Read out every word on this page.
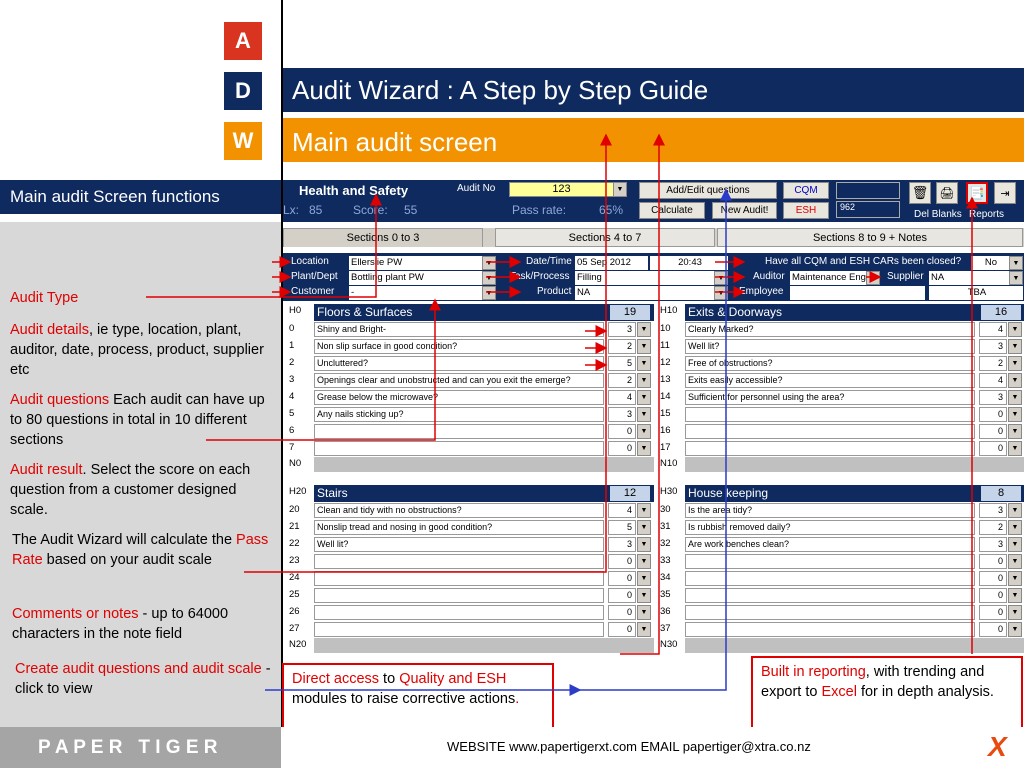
A
D
W
Audit Wizard : A Step by Step Guide
Main audit screen
Main audit Screen functions
Audit Type
Audit details, ie type, location, plant, auditor, date, process, product, supplier etc
Audit questions Each audit can have up to 80 questions in total in 10 different sections
Audit result. Select the score on each question from a customer designed scale.
The Audit Wizard will calculate the Pass Rate based on your audit scale
Comments or notes - up to 64000 characters in the note field
Create audit questions and audit scale - click to view
Health and Safety	Audit No	123	▼
Lx: 85	Score: 55	Pass rate:	65%
Add/Edit questions
Calculate	New Audit!
CQM
ESH	962
🗑 🖨 📑	⇥
Del Blanks Reports
Sections 0 to 3	Sections 4 to 7	Sections 8 to 9 + Notes
Location Ellerslie PW	▼
Plant/Dept Bottling plant PW	▼
Customer -	▼
Date/Time 05 Sep 2012	20:43
Task/Process Filling	▼
Product NA	▼
Have all CQM and ESH CARs been closed?	No	▼
Auditor Maintenance Eng ▼	Supplier NA	▼
Employee	TBA
H0 Floors & Surfaces	19
0	Shiny and Bright-	3	▼
1	Non slip surface in good condition?	2	▼
2	Uncluttered?	5	▼
3	Openings clear and unobstructed and can you exit the emerge?	2	▼
4	Grease below the microwave?	4	▼
5	Any nails sticking up?	3	▼
6	0	▼
7	0	▼
N0
H10 Exits & Doorways	16
10	Clearly Marked?	4	▼
11	Well lit?	3	▼
12	Free of obstructions?	2	▼
13	Exits easily accessible?	4	▼
14	Sufficient for personnel using the area?	3	▼
15	0	▼
16	0	▼
17	0	▼
N10
H20 Stairs	12
20	Clean and tidy with no obstructions?	4	▼
21	Nonslip tread and nosing in good condition?	5	▼
22	Well lit?	3	▼
23	0	▼
24	0	▼
25	0	▼
26	0	▼
27	0	▼
N20
H30 House keeping	8
30	Is the area tidy?	3	▼
31	Is rubbish removed daily?	2	▼
32	Are work benches clean?	3	▼
33	0	▼
34	0	▼
35	0	▼
36	0	▼
37	0	▼
N30
Direct access to Quality and ESH modules to raise corrective actions.
Built in reporting, with trending and export to Excel for in depth analysis.
P A P E R   T I G E R	WEBSITE www.papertigerxt.com EMAIL papertiger@xtra.co.nz	X
